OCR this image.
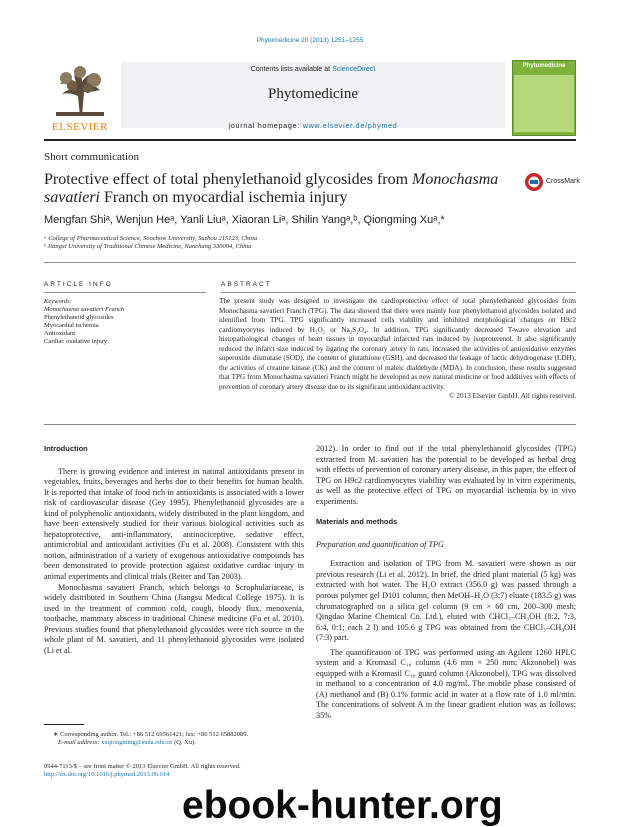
Phytomedicine 20 (2013) 1251–1255
ELSEVIER
Contents lists available at ScienceDirect
Phytomedicine
journal homepage: www.elsevier.de/phymed
Phytomedicine
Short communication
Protective effect of total phenylethanoid glycosides from Monochasma savatieri Franch on myocardial ischemia injury
CrossMark
Mengfan Shiᵃ, Wenjun Heᵃ, Yanli Liuᵃ, Xiaoran Liᵃ, Shilin Yangᵃ,ᵇ, Qiongming Xuᵃ,*
ᵃ College of Pharmaceutical Science, Soochow University, Suzhou 215123, China
ᵇ Jiangxi University of Traditional Chinese Medicine, Nanchang 330004, China
ARTICLE INFO	ABSTRACT
Keywords:
Monochasma savatieri Franch
Phenylethanoid glycosides
Myocardial ischemia
Antioxidant
Cardiac oxidative injury

The present study was designed to investigate the cardioprotective effect of total phenylethanoid glycosides from Monochasma savatieri Franch (TPG). The data showed that there were mainly four phenylethanoid glycosides isolated and identified from TPG. TPG significantly increased cells viability and inhibited morphological changes on H9c2 cardiomyocytes induced by H₂O₂ or Na₂S₂O₄. In addition, TPG significantly decreased T-wave elevation and histopathological changes of heart tissues in myocardial infarcted rats induced by isoproterenol. It also significantly reduced the infarct size induced by ligating the coronary artery in rats, increased the activities of antioxidative enzymes superoxide dismutase (SOD), the content of glutathione (GSH), and decreased the leakage of lactic dehydrogenase (LDH), the activities of creatine kinase (CK) and the content of maleic dialdehyde (MDA). In conclusion, these results suggested that TPG from Monochasma savatieri Franch might be developed as new natural medicine or food additives with effects of prevention of coronary artery disease due to its significant antioxidant activity.

© 2013 Elsevier GmbH. All rights reserved.
Introduction

There is growing evidence and interest in natural antioxidants present in vegetables, fruits, beverages and herbs due to their benefits for human health. It is reported that intake of food rich in antioxidants is associated with a lower risk of cardiovascular disease (Gey 1995). Phenylethanoid glycosides are a kind of polyphenolic antioxidants, widely distributed in the plant kingdom, and have been extensively studied for their various biological activities such as hepatoprotective, anti-inflammatory, antinociceptive, sedative effect, antimicrobial and antioxidant activities (Fu et al. 2008). Consistent with this notion, administration of a variety of exogenous antioxidative compounds has been demonstrated to provide protection against oxidative cardiac injury in animal experiments and clinical trials (Reiter and Tan 2003).

Monochasma savatieri Franch, which belongs to Scrophulariaceae, is widely distributed in Southern China (Jiangsu Medical College 1975). It is used in the treatment of common cold, cough, bloody flux, menoxenia, toothache, mammary abscess in traditional Chinese medicine (Fu et al. 2010). Previous studies found that phenylethanoid glycosides were rich source in the whole plant of M. savatieri, and 11 phenylethanoid glycosides were isolated (Li et al.

2012). In order to find out if the total phenylethanoid glycosides (TPG) extracted from M. savatieri has the potential to be developed as herbal drug with effects of prevention of coronary artery disease, in this paper, the effect of TPG on H9c2 cardiomyocytes viability was evaluated by in vitro experiments, as well as the protective effect of TPG on myocardial ischemia by in vivo experiments.

Materials and methods
Preparation and quantification of TPG

Extraction and isolation of TPG from M. savatieri were shown as our previous research (Li et al. 2012). In brief, the dried plant material (5 kg) was extracted with hot water. The H₂O extract (356.0 g) was passed through a porous polymer gel D101 column, then MeOH–H₂O (3:7) eluate (183.5 g) was chromatographed on a silica gel column (9 cm × 60 cm, 200–300 mesh; Qingdao Marine Chemical Co. Ltd.), eluted with CHCl₃–CH₃OH (8:2, 7:3, 6:4, 0:1; each 2 l) and 105.6 g TPG was obtained from the CHCl₃–CH₃OH (7:3) part.

The quantification of TPG was performed using an Agilent 1260 HPLC system and a Kromasil C₁₈ column (4.6 mm × 250 mm; Akzonobel) was equipped with a Kromasil C₁₈ guard column (Akzonobel). TPG was dissolved in methanol to a concentration of 4.0 mg/ml. The mobile phase consisted of (A) methanol and (B) 0.1% formic acid in water at a flow rate of 1.0 ml/min. The concentrations of solvent A in the linear gradient elution was as follows: 35%

∗ Corresponding author. Tel.: +86 512 69561421; fax: +86 512 65882089.

E-mail address: xuqiongming@suda.edu.cn (Q. Xu).

0944-7113/$ – see front matter © 2013 Elsevier GmbH. All rights reserved.
http://dx.doi.org/10.1016/j.phymed.2013.06.014
ebook-hunter.org
